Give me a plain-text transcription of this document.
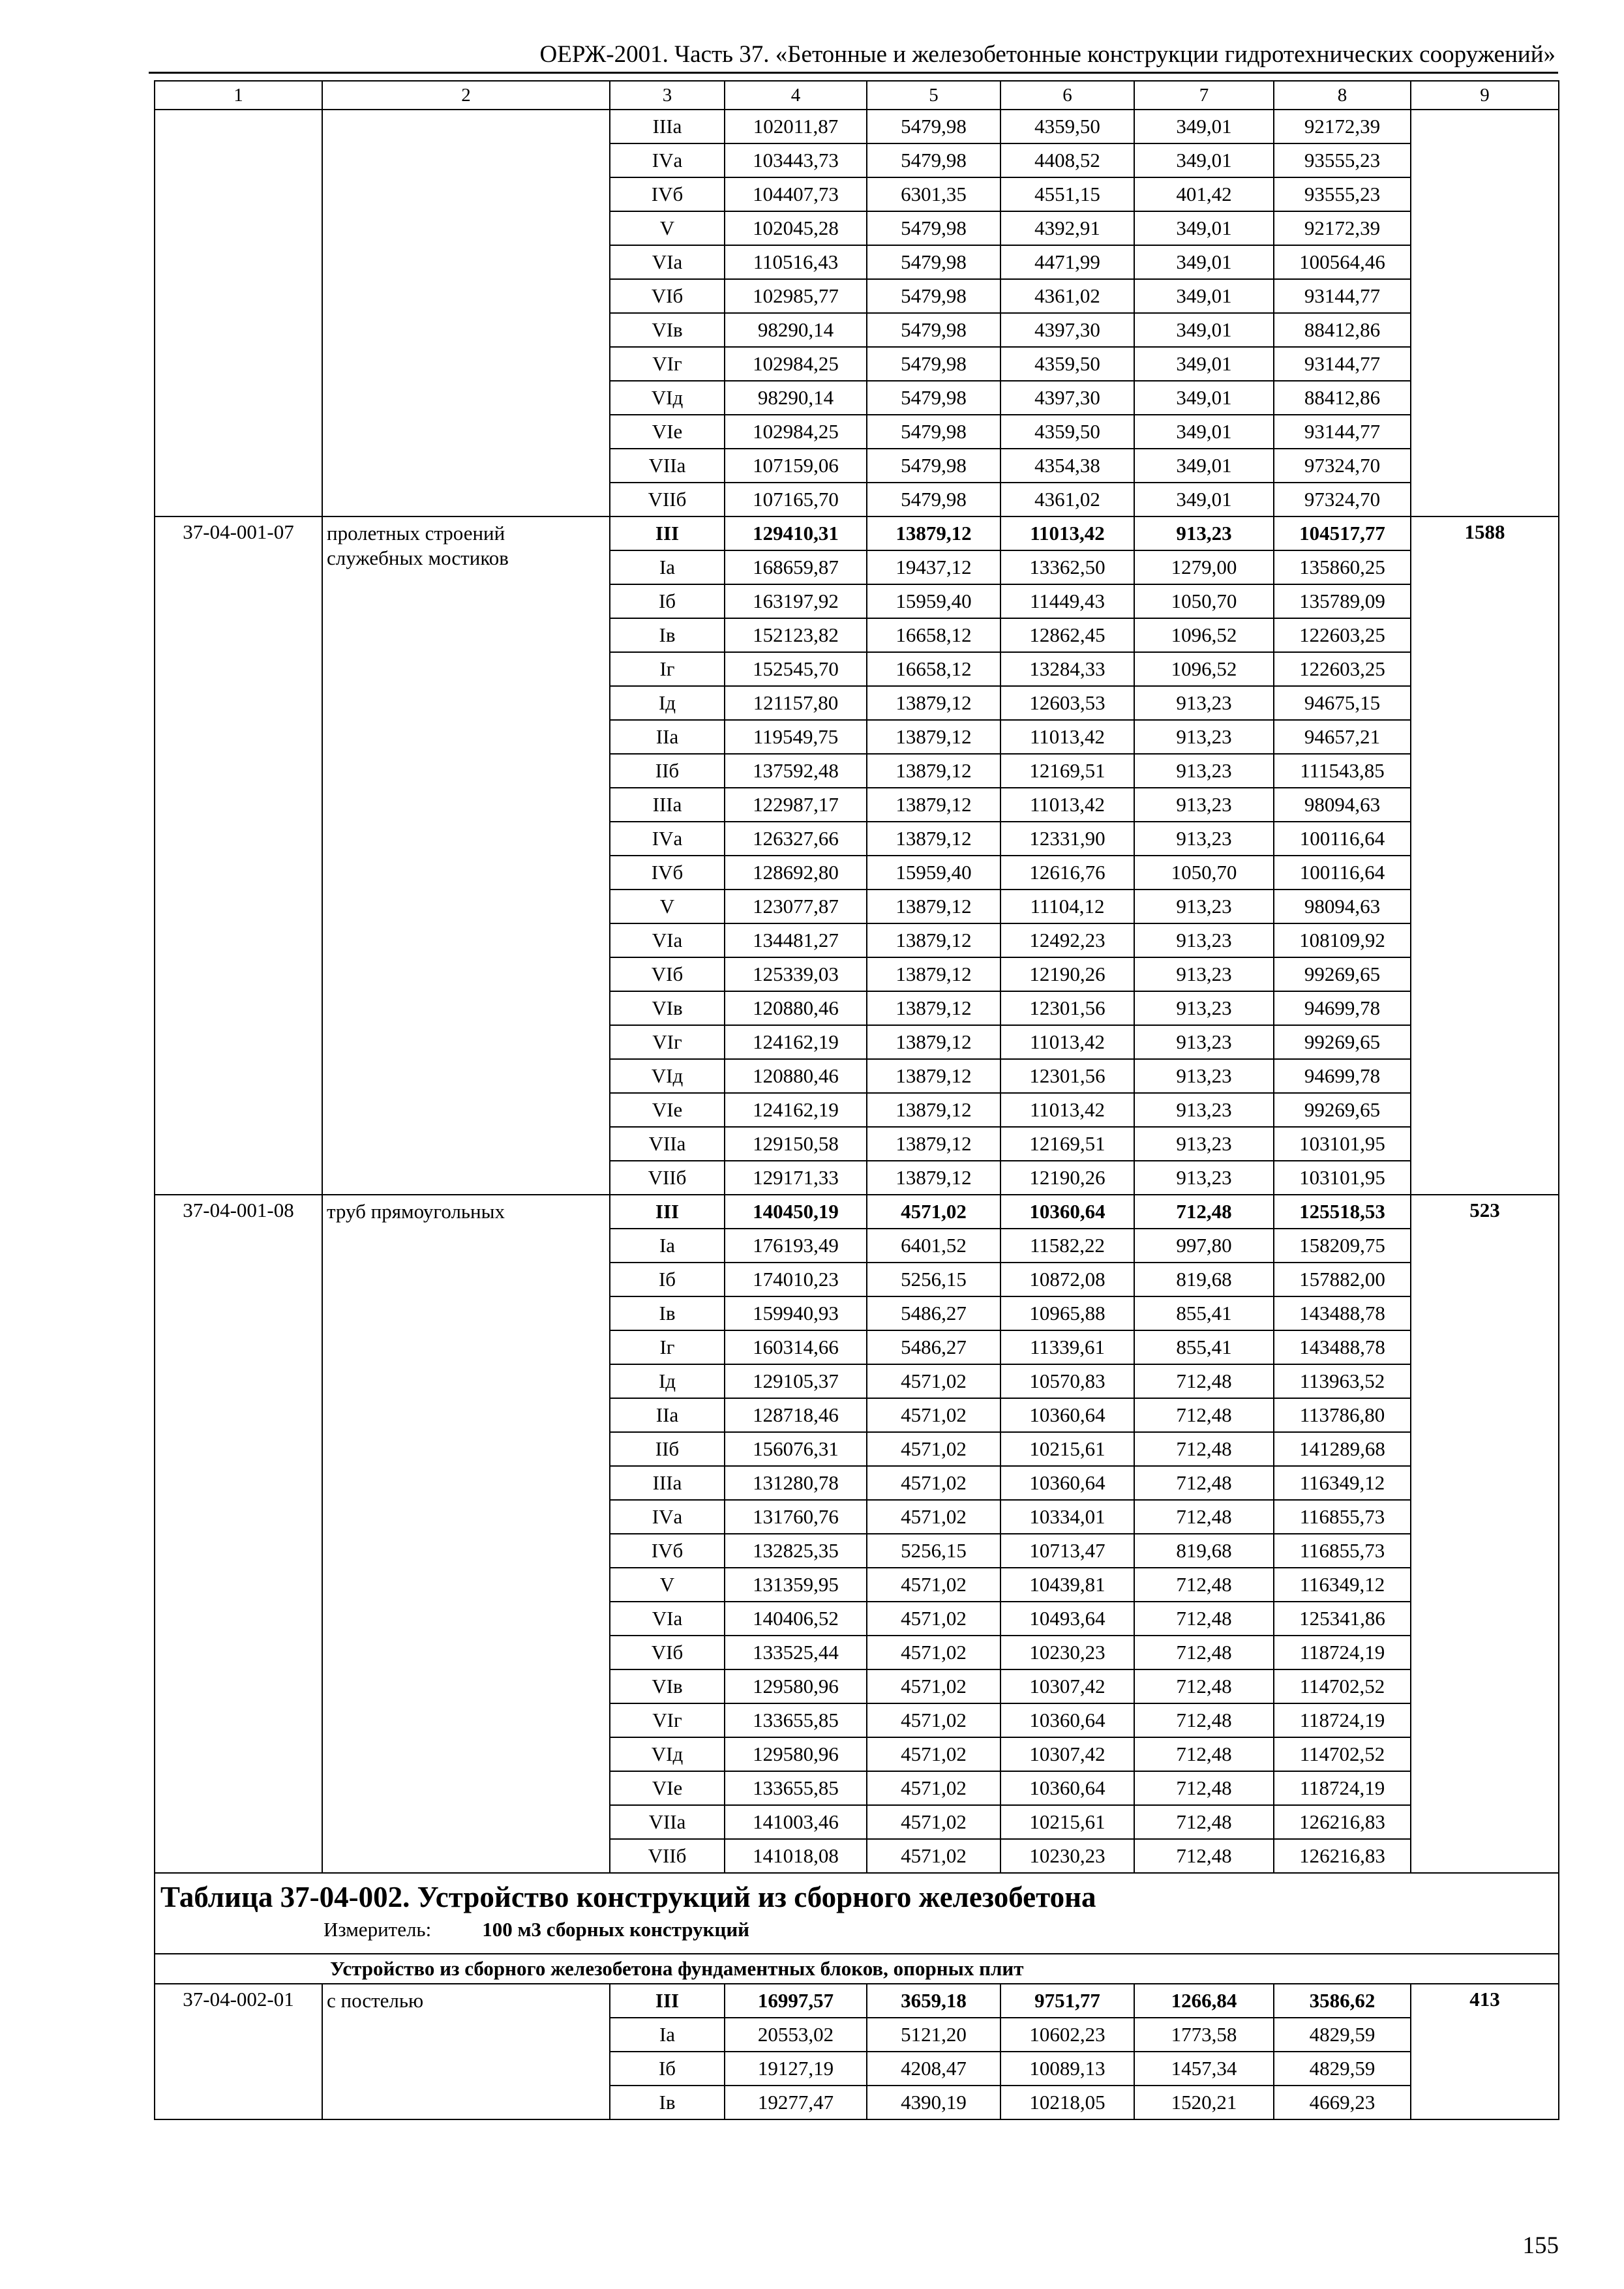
ОЕРЖ-2001. Часть 37. «Бетонные и железобетонные конструкции гидротехнических сооружений»
1	2	3	4	5	6	7	8	9
		IIIа	102011,87	5479,98	4359,50	349,01	92172,39	
		IVа	103443,73	5479,98	4408,52	349,01	93555,23	
		IVб	104407,73	6301,35	4551,15	401,42	93555,23	
		V	102045,28	5479,98	4392,91	349,01	92172,39	
		VIа	110516,43	5479,98	4471,99	349,01	100564,46	
		VIб	102985,77	5479,98	4361,02	349,01	93144,77	
		VIв	98290,14	5479,98	4397,30	349,01	88412,86	
		VIг	102984,25	5479,98	4359,50	349,01	93144,77	
		VIд	98290,14	5479,98	4397,30	349,01	88412,86	
		VIе	102984,25	5479,98	4359,50	349,01	93144,77	
		VIIа	107159,06	5479,98	4354,38	349,01	97324,70	
		VIIб	107165,70	5479,98	4361,02	349,01	97324,70	
37-04-001-07	пролетных строений служебных мостиков	III	129410,31	13879,12	11013,42	913,23	104517,77	1588
		Iа	168659,87	19437,12	13362,50	1279,00	135860,25	
		Iб	163197,92	15959,40	11449,43	1050,70	135789,09	
		Iв	152123,82	16658,12	12862,45	1096,52	122603,25	
		Iг	152545,70	16658,12	13284,33	1096,52	122603,25	
		Iд	121157,80	13879,12	12603,53	913,23	94675,15	
		IIа	119549,75	13879,12	11013,42	913,23	94657,21	
		IIб	137592,48	13879,12	12169,51	913,23	111543,85	
		IIIа	122987,17	13879,12	11013,42	913,23	98094,63	
		IVа	126327,66	13879,12	12331,90	913,23	100116,64	
		IVб	128692,80	15959,40	12616,76	1050,70	100116,64	
		V	123077,87	13879,12	11104,12	913,23	98094,63	
		VIа	134481,27	13879,12	12492,23	913,23	108109,92	
		VIб	125339,03	13879,12	12190,26	913,23	99269,65	
		VIв	120880,46	13879,12	12301,56	913,23	94699,78	
		VIг	124162,19	13879,12	11013,42	913,23	99269,65	
		VIд	120880,46	13879,12	12301,56	913,23	94699,78	
		VIе	124162,19	13879,12	11013,42	913,23	99269,65	
		VIIа	129150,58	13879,12	12169,51	913,23	103101,95	
		VIIб	129171,33	13879,12	12190,26	913,23	103101,95	
37-04-001-08	труб прямоугольных	III	140450,19	4571,02	10360,64	712,48	125518,53	523
		Iа	176193,49	6401,52	11582,22	997,80	158209,75	
		Iб	174010,23	5256,15	10872,08	819,68	157882,00	
		Iв	159940,93	5486,27	10965,88	855,41	143488,78	
		Iг	160314,66	5486,27	11339,61	855,41	143488,78	
		Iд	129105,37	4571,02	10570,83	712,48	113963,52	
		IIа	128718,46	4571,02	10360,64	712,48	113786,80	
		IIб	156076,31	4571,02	10215,61	712,48	141289,68	
		IIIа	131280,78	4571,02	10360,64	712,48	116349,12	
		IVа	131760,76	4571,02	10334,01	712,48	116855,73	
		IVб	132825,35	5256,15	10713,47	819,68	116855,73	
		V	131359,95	4571,02	10439,81	712,48	116349,12	
		VIа	140406,52	4571,02	10493,64	712,48	125341,86	
		VIб	133525,44	4571,02	10230,23	712,48	118724,19	
		VIв	129580,96	4571,02	10307,42	712,48	114702,52	
		VIг	133655,85	4571,02	10360,64	712,48	118724,19	
		VIд	129580,96	4571,02	10307,42	712,48	114702,52	
		VIе	133655,85	4571,02	10360,64	712,48	118724,19	
		VIIа	141003,46	4571,02	10215,61	712,48	126216,83	
		VIIб	141018,08	4571,02	10230,23	712,48	126216,83	

Таблица 37-04-002. Устройство конструкций из сборного железобетона
Измеритель: 100 м3 сборных конструкций								

Устройство из сборного железобетона фундаментных блоков, опорных плит								
37-04-002-01	с постелью	III	16997,57	3659,18	9751,77	1266,84	3586,62	413
		Iа	20553,02	5121,20	10602,23	1773,58	4829,59	
		Iб	19127,19	4208,47	10089,13	1457,34	4829,59	
		Iв	19277,47	4390,19	10218,05	1520,21	4669,23	
155
